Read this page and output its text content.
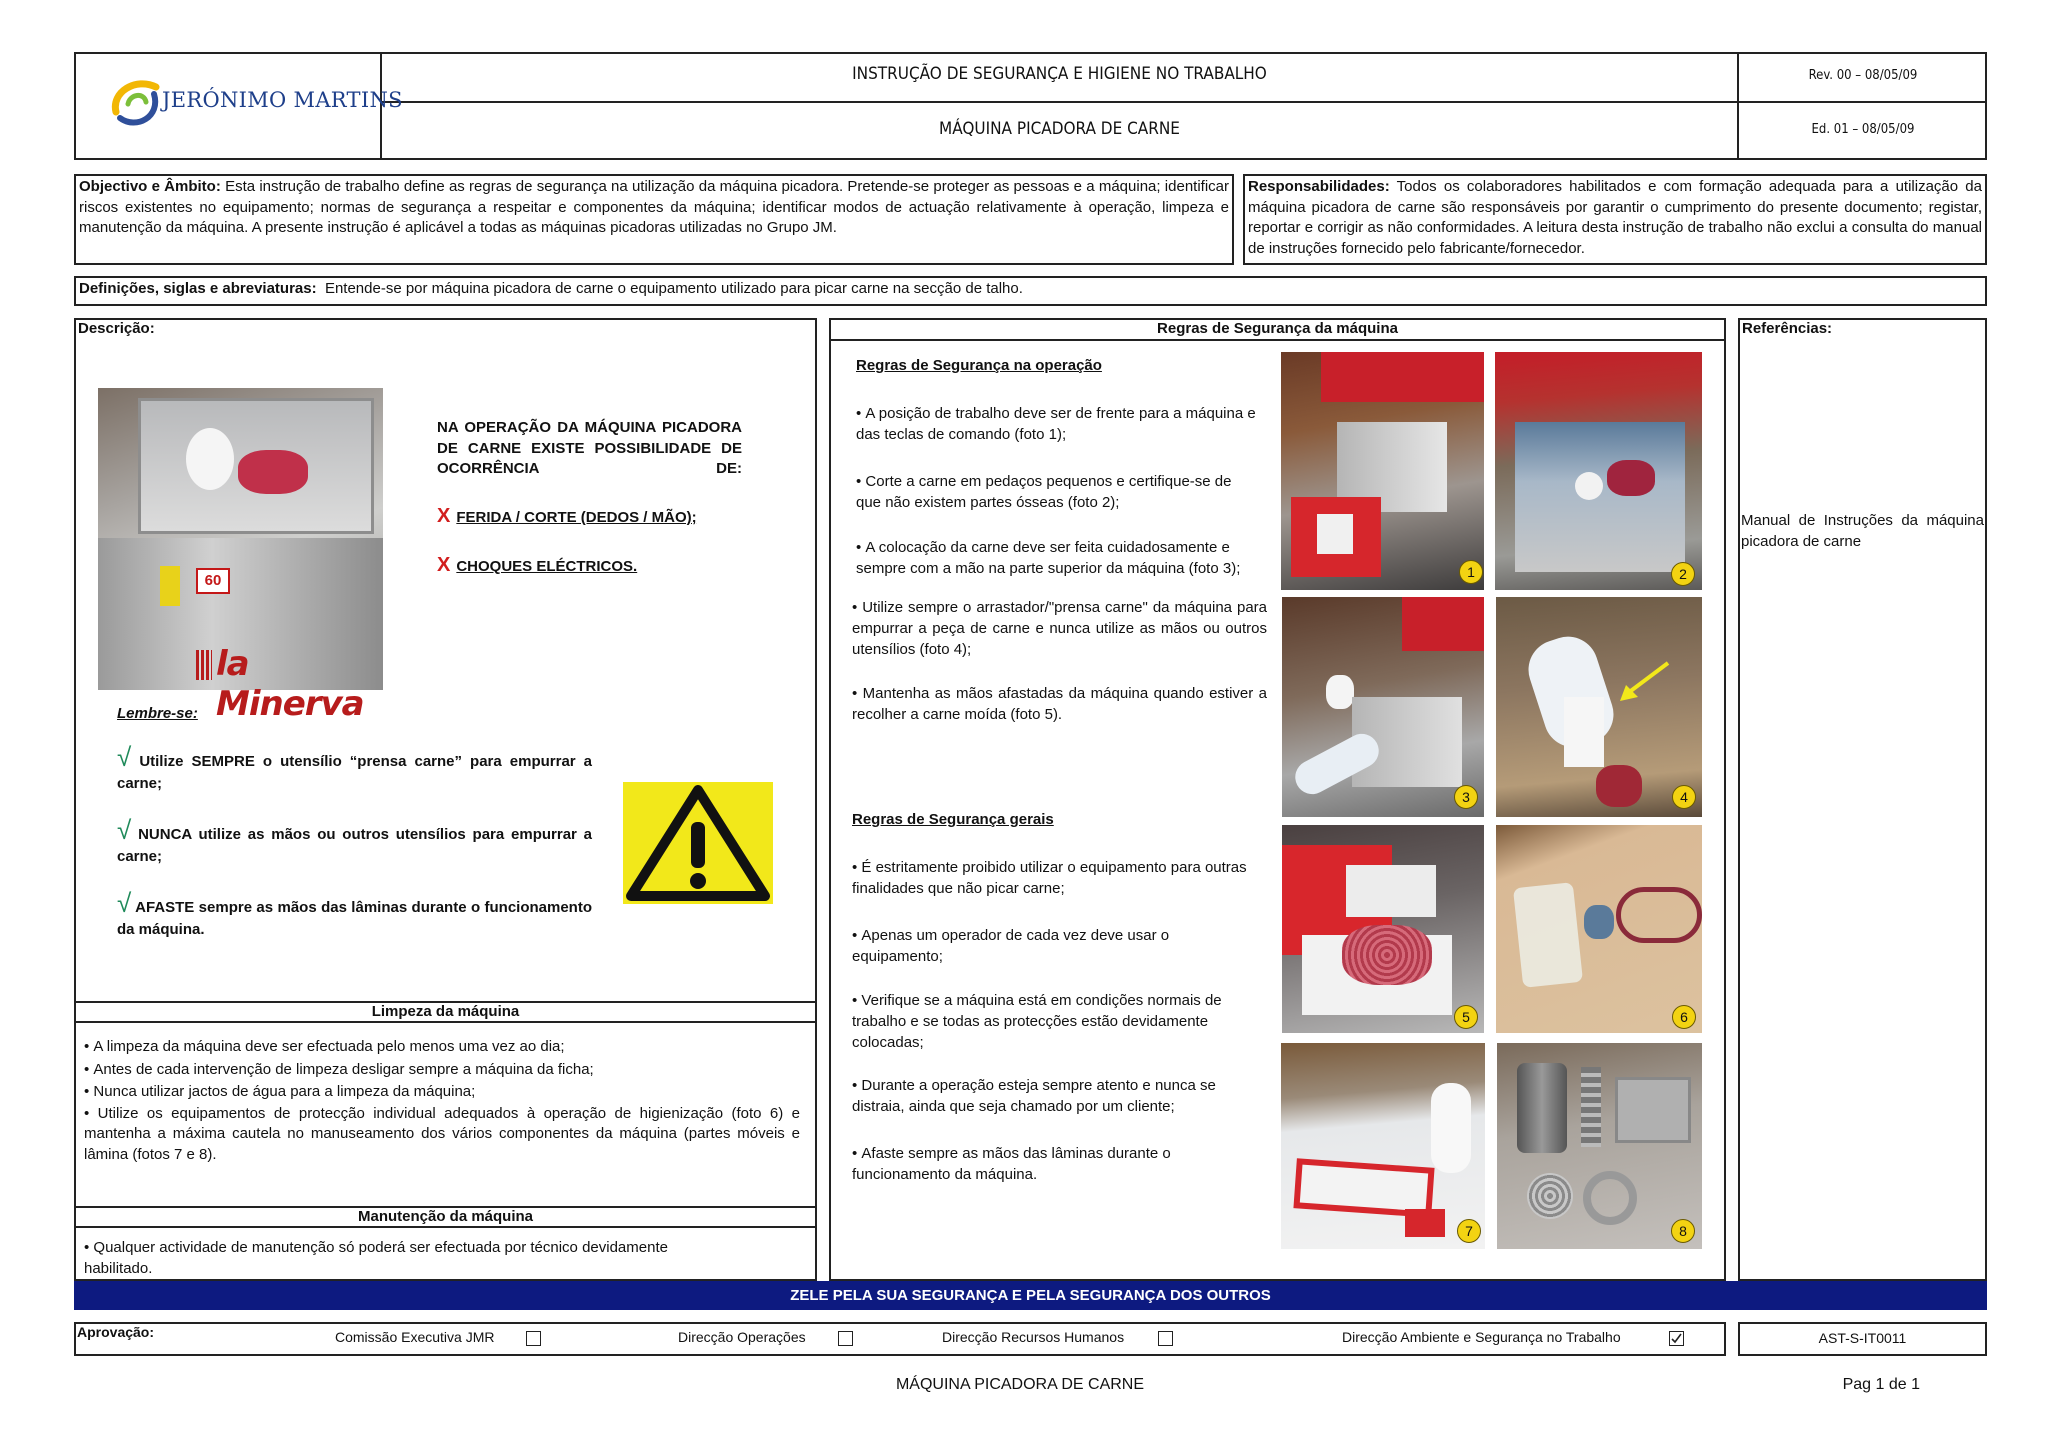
JERÓNIMO MARTINS
INSTRUÇÃO DE SEGURANÇA E HIGIENE NO TRABALHO
MÁQUINA PICADORA DE CARNE
Rev. 00 – 08/05/09
Ed. 01 – 08/05/09
Objectivo e Âmbito: Esta instrução de trabalho define as regras de segurança na utilização da máquina picadora. Pretende-se proteger as pessoas e a máquina; identificar riscos existentes no equipamento; normas de segurança a respeitar e componentes da máquina; identificar modos de actuação relativamente à operação, limpeza e manutenção da máquina. A presente instrução é aplicável a todas as máquinas picadoras utilizadas no Grupo JM.
Responsabilidades: Todos os colaboradores habilitados e com formação adequada para a utilização da máquina picadora de carne são responsáveis por garantir o cumprimento do presente documento; registar, reportar e corrigir as não conformidades. A leitura desta instrução de trabalho não exclui a consulta do manual de instruções fornecido pelo fabricante/fornecedor.
Definições, siglas e abreviaturas:  Entende-se por máquina picadora de carne o equipamento utilizado para picar carne na secção de talho.
Descrição:
60
la Minerva
NA OPERAÇÃO DA MÁQUINA PICADORA DE CARNE EXISTE POSSIBILIDADE DE OCORRÊNCIA DE:
X FERIDA / CORTE (DEDOS / MÃO);
X CHOQUES ELÉCTRICOS.
Lembre-se:
√ Utilize SEMPRE o utensílio “prensa carne” para empurrar a carne;
√ NUNCA utilize as mãos ou outros utensílios para empurrar a carne;
√ AFASTE sempre as mãos das lâminas durante o funcionamento da máquina.
Limpeza da máquina

• A limpeza da máquina deve ser efectuada pelo menos uma vez ao dia;

• Antes de cada intervenção de limpeza desligar sempre a máquina da ficha;

• Nunca utilizar jactos de água para a limpeza da máquina;

• Utilize os equipamentos de protecção individual adequados à operação de higienização (foto 6) e mantenha a máxima cautela no manuseamento dos vários componentes da máquina (partes móveis e lâmina (fotos 7 e 8).

Manutenção da máquina

• Qualquer actividade de manutenção só poderá ser efectuada por técnico devidamente habilitado.

Regras de Segurança da máquina
Regras de Segurança na operação
• A posição de trabalho deve ser de frente para a máquina e das teclas de comando (foto 1);
• Corte a carne em pedaços pequenos e certifique-se de que não existem partes ósseas (foto 2);
• A colocação da carne deve ser feita cuidadosamente e sempre com a mão na parte superior da máquina (foto 3);
• Utilize sempre o arrastador/"prensa carne" da máquina para empurrar a peça de carne e nunca utilize as mãos ou outros utensílios (foto 4);
• Mantenha as mãos afastadas da máquina quando estiver a recolher a carne moída (foto 5).
Regras de Segurança gerais
• É estritamente proibido utilizar o equipamento para outras finalidades que não picar carne;
• Apenas um operador de cada vez deve usar o equipamento;
• Verifique se a máquina está em condições normais de trabalho e se todas as protecções estão devidamente colocadas;
• Durante a operação esteja sempre atento e nunca se distraia, ainda que seja chamado por um cliente;
• Afaste sempre as mãos das lâminas durante o funcionamento da máquina.
1	2
3	4
5	6
7	8
Referências:
Manual de Instruções da máquina picadora de carne
ZELE PELA SUA SEGURANÇA E PELA SEGURANÇA DOS OUTROS
Aprovação:	Comissão Executiva JMR	Direcção Operações	Direcção Recursos Humanos	Direcção Ambiente e Segurança no Trabalho	AST-S-IT0011
MÁQUINA PICADORA DE CARNE	Pag 1 de 1
